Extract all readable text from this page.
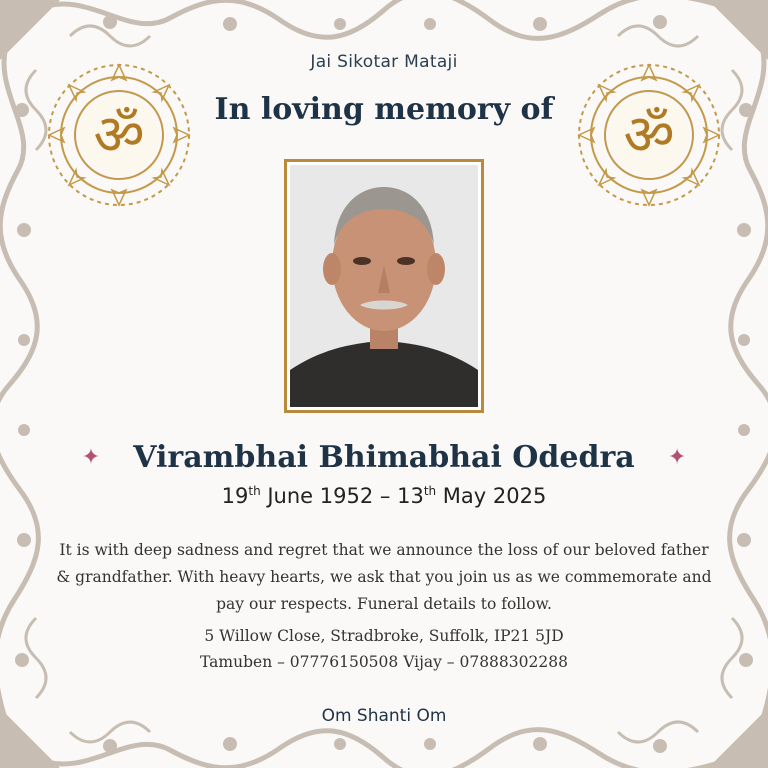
ॐ	ॐ
Jai Sikotar Mataji
In loving memory of
✦ Virambhai Bhimabhai Odedra ✦
19th June 1952 – 13th May 2025
It is with deep sadness and regret that we announce the loss of our beloved father & grandfather. With heavy hearts, we ask that you join us as we commemorate and pay our respects. Funeral details to follow.
5 Willow Close, Stradbroke, Suffolk, IP21 5JD
Tamuben – 07776150508 Vijay – 07888302288
Om Shanti Om
